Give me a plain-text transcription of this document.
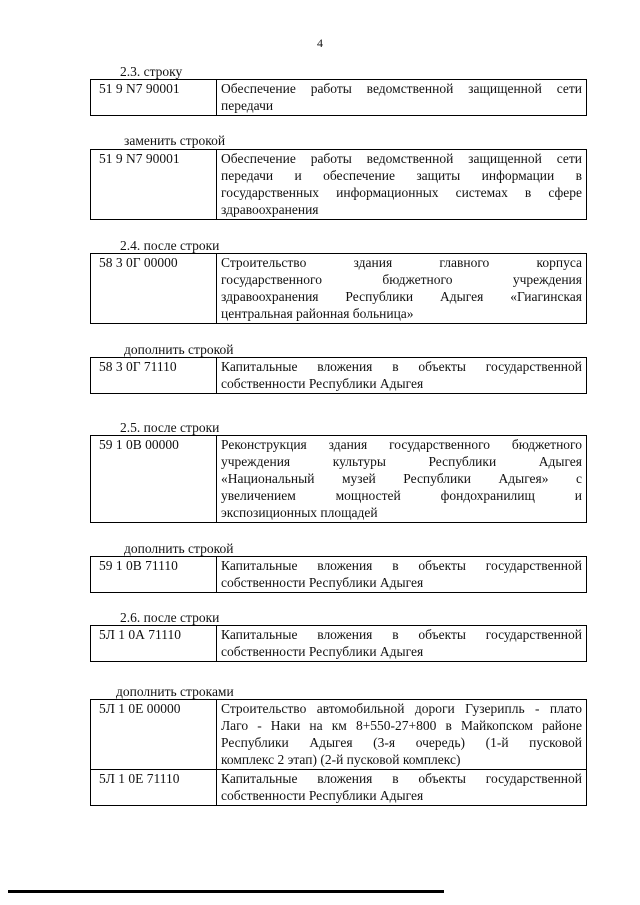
4
2.3. строку
51 9 N7 90001	Обеспечение работы ведомственной защищенной сети
передачи
заменить строкой
51 9 N7 90001	Обеспечение работы ведомственной защищенной сети
передачи и обеспечение защиты информации в
государственных информационных системах в сфере
здравоохранения
2.4. после строки
58 3 0Г 00000	Строительство здания главного корпуса
государственного бюджетного учреждения
здравоохранения Республики Адыгея «Гиагинская
центральная районная больница»
дополнить строкой
58 3 0Г 71110	Капитальные вложения в объекты государственной
собственности Республики Адыгея
2.5. после строки
59 1 0В 00000	Реконструкция здания государственного бюджетного
учреждения культуры Республики Адыгея
«Национальный музей Республики Адыгея» с
увеличением мощностей фондохранилищ и
экспозиционных площадей
дополнить строкой
59 1 0В 71110	Капитальные вложения в объекты государственной
собственности Республики Адыгея
2.6. после строки
5Л 1 0А 71110	Капитальные вложения в объекты государственной
собственности Республики Адыгея
дополнить строками
5Л 1 0Е 00000	Строительство автомобильной дороги Гузерипль - плато
Лаго - Наки на км 8+550-27+800 в Майкопском районе
Республики Адыгея (3-я очередь) (1-й пусковой
комплекс 2 этап) (2-й пусковой комплекс)

5Л 1 0Е 71110	Капитальные вложения в объекты государственной
собственности Республики Адыгея
